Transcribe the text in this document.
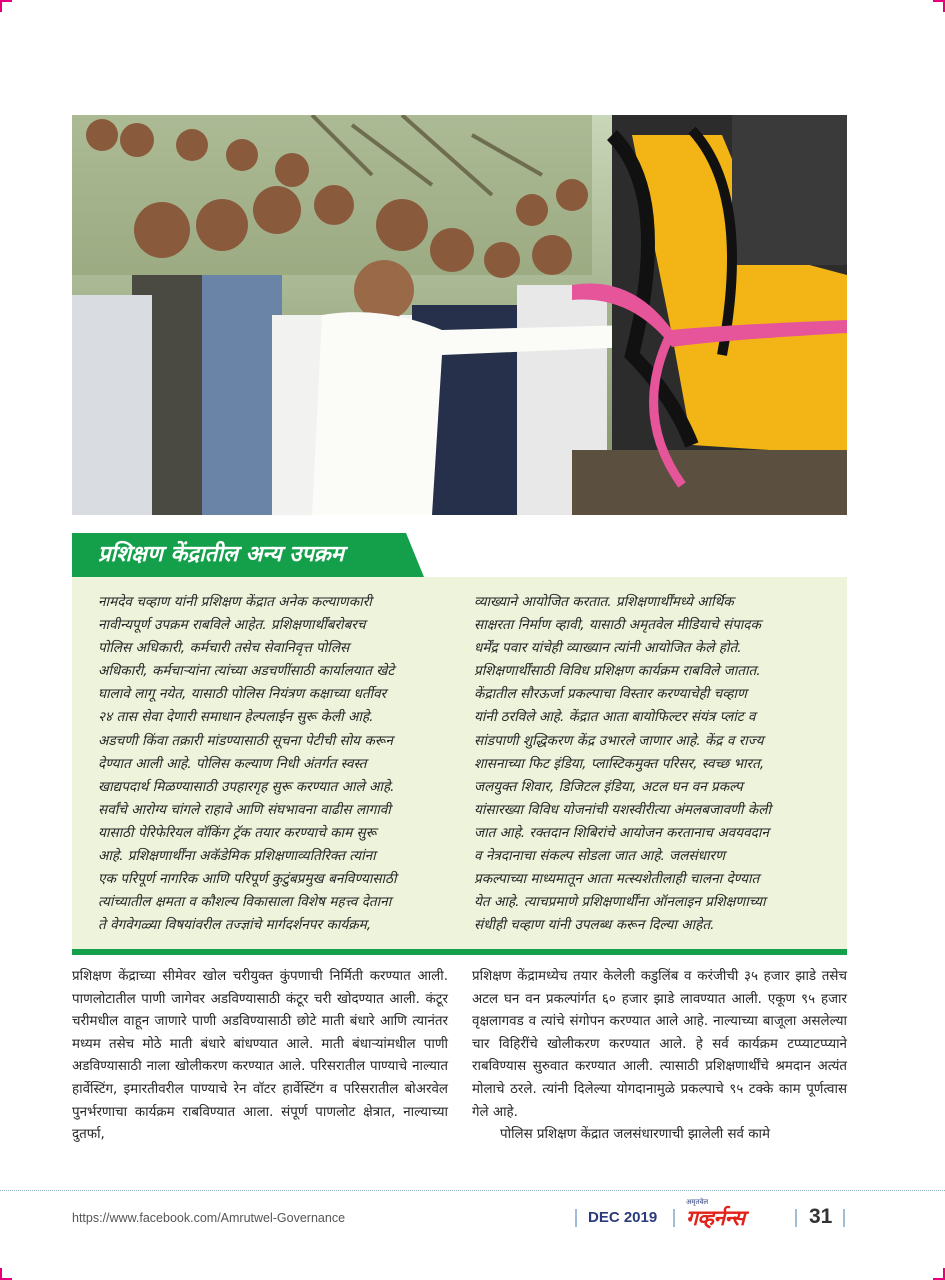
प्रशिक्षण केंद्रातील अन्य उपक्रम
नामदेव चव्हाण यांनी प्रशिक्षण केंद्रात अनेक कल्याणकारी
नावीन्यपूर्ण उपक्रम राबविले आहेत. प्रशिक्षणार्थींबरोबरच
पोलिस अधिकारी, कर्मचारी तसेच सेवानिवृत्त पोलिस
अधिकारी, कर्मचाऱ्यांना त्यांच्या अडचणींसाठी कार्यालयात खेटे
घालावे लागू नयेत, यासाठी पोलिस नियंत्रण कक्षाच्या धर्तीवर
२४ तास सेवा देणारी समाधान हेल्पलाईन सुरू केली आहे.
अडचणी किंवा तक्रारी मांडण्यासाठी सूचना पेटीची सोय करून
देण्यात आली आहे. पोलिस कल्याण निधी अंतर्गत स्वस्त
खाद्यपदार्थ मिळण्यासाठी उपहारगृह सुरू करण्यात आले आहे.
सर्वांचे आरोग्य चांगले राहावे आणि संघभावना वाढीस लागावी
यासाठी पेरिफेरियल वॉकिंग ट्रॅक तयार करण्याचे काम सुरू
आहे. प्रशिक्षणार्थींना अकॅडेमिक प्रशिक्षणाव्यतिरिक्त त्यांना
एक परिपूर्ण नागरिक आणि परिपूर्ण कुटुंबप्रमुख बनविण्यासाठी
त्यांच्यातील क्षमता व कौशल्य विकासाला विशेष महत्त्व देताना
ते वेगवेगळ्या विषयांवरील तज्ज्ञांचे मार्गदर्शनपर कार्यक्रम,
व्याख्याने आयोजित करतात. प्रशिक्षणार्थींमध्ये आर्थिक
साक्षरता निर्माण व्हावी, यासाठी अमृतवेल मीडियाचे संपादक
धर्मेंद्र पवार यांचेही व्याख्यान त्यांनी आयोजित केले होते.
प्रशिक्षणार्थींसाठी विविध प्रशिक्षण कार्यक्रम राबविले जातात.
केंद्रातील सौरऊर्जा प्रकल्पाचा विस्तार करण्याचेही चव्हाण
यांनी ठरविले आहे. केंद्रात आता बायोफिल्टर संयंत्र प्लांट व
सांडपाणी शुद्धिकरण केंद्र उभारले जाणार आहे. केंद्र व राज्य
शासनाच्या फिट इंडिया, प्लास्टिकमुक्त परिसर, स्वच्छ भारत,
जलयुक्त शिवार, डिजिटल इंडिया, अटल घन वन प्रकल्प
यांसारख्या विविध योजनांची यशस्वीरीत्या अंमलबजावणी केली
जात आहे. रक्तदान शिबिरांचे आयोजन करतानाच अवयवदान
व नेत्रदानाचा संकल्प सोडला जात आहे. जलसंधारण
प्रकल्पाच्या माध्यमातून आता मत्स्यशेतीलाही चालना देण्यात
येत आहे. त्याचप्रमाणे प्रशिक्षणार्थींना ऑनलाइन प्रशिक्षणाच्या
संधीही चव्हाण यांनी उपलब्ध करून दिल्या आहेत.

प्रशिक्षण केंद्राच्या सीमेवर खोल चरीयुक्त कुंपणाची निर्मिती करण्यात आली. पाणलोटातील पाणी जागेवर अडविण्यासाठी कंटूर चरी खोदण्यात आली. कंटूर चरीमधील वाहून जाणारे पाणी अडविण्यासाठी छोटे माती बंधारे आणि त्यानंतर मध्यम तसेच मोठे माती बंधारे बांधण्यात आले. माती बंधाऱ्यांमधील पाणी अडविण्यासाठी नाला खोलीकरण करण्यात आले. परिसरातील पाण्याचे नाल्यात हार्वेस्टिंग, इमारतीवरील पाण्याचे रेन वॉटर हार्वेस्टिंग व परिसरातील बोअरवेल पुनर्भरणाचा कार्यक्रम राबविण्यात आला. संपूर्ण पाणलोट क्षेत्रात, नाल्याच्या दुतर्फा,

प्रशिक्षण केंद्रामध्येच तयार केलेली कडुलिंब व करंजीची ३५ हजार झाडे तसेच अटल घन वन प्रकल्पांर्गत ६० हजार झाडे लावण्यात आली. एकूण ९५ हजार वृक्षलागवड व त्यांचे संगोपन करण्यात आले आहे. नाल्याच्या बाजूला असलेल्या चार विहिरींचे खोलीकरण करण्यात आले. हे सर्व कार्यक्रम टप्प्याटप्प्याने राबविण्यास सुरुवात करण्यात आली. त्यासाठी प्रशिक्षणार्थींचे श्रमदान अत्यंत मोलाचे ठरले. त्यांनी दिलेल्या योगदानामुळे प्रकल्पाचे ९५ टक्के काम पूर्णत्वास गेले आहे.

पोलिस प्रशिक्षण केंद्रात जलसंधारणाची झालेली सर्व कामे

https://www.facebook.com/Amrutwel-Governance	DEC 2019
अमृतवेल
गव्हर्नन्स	31
